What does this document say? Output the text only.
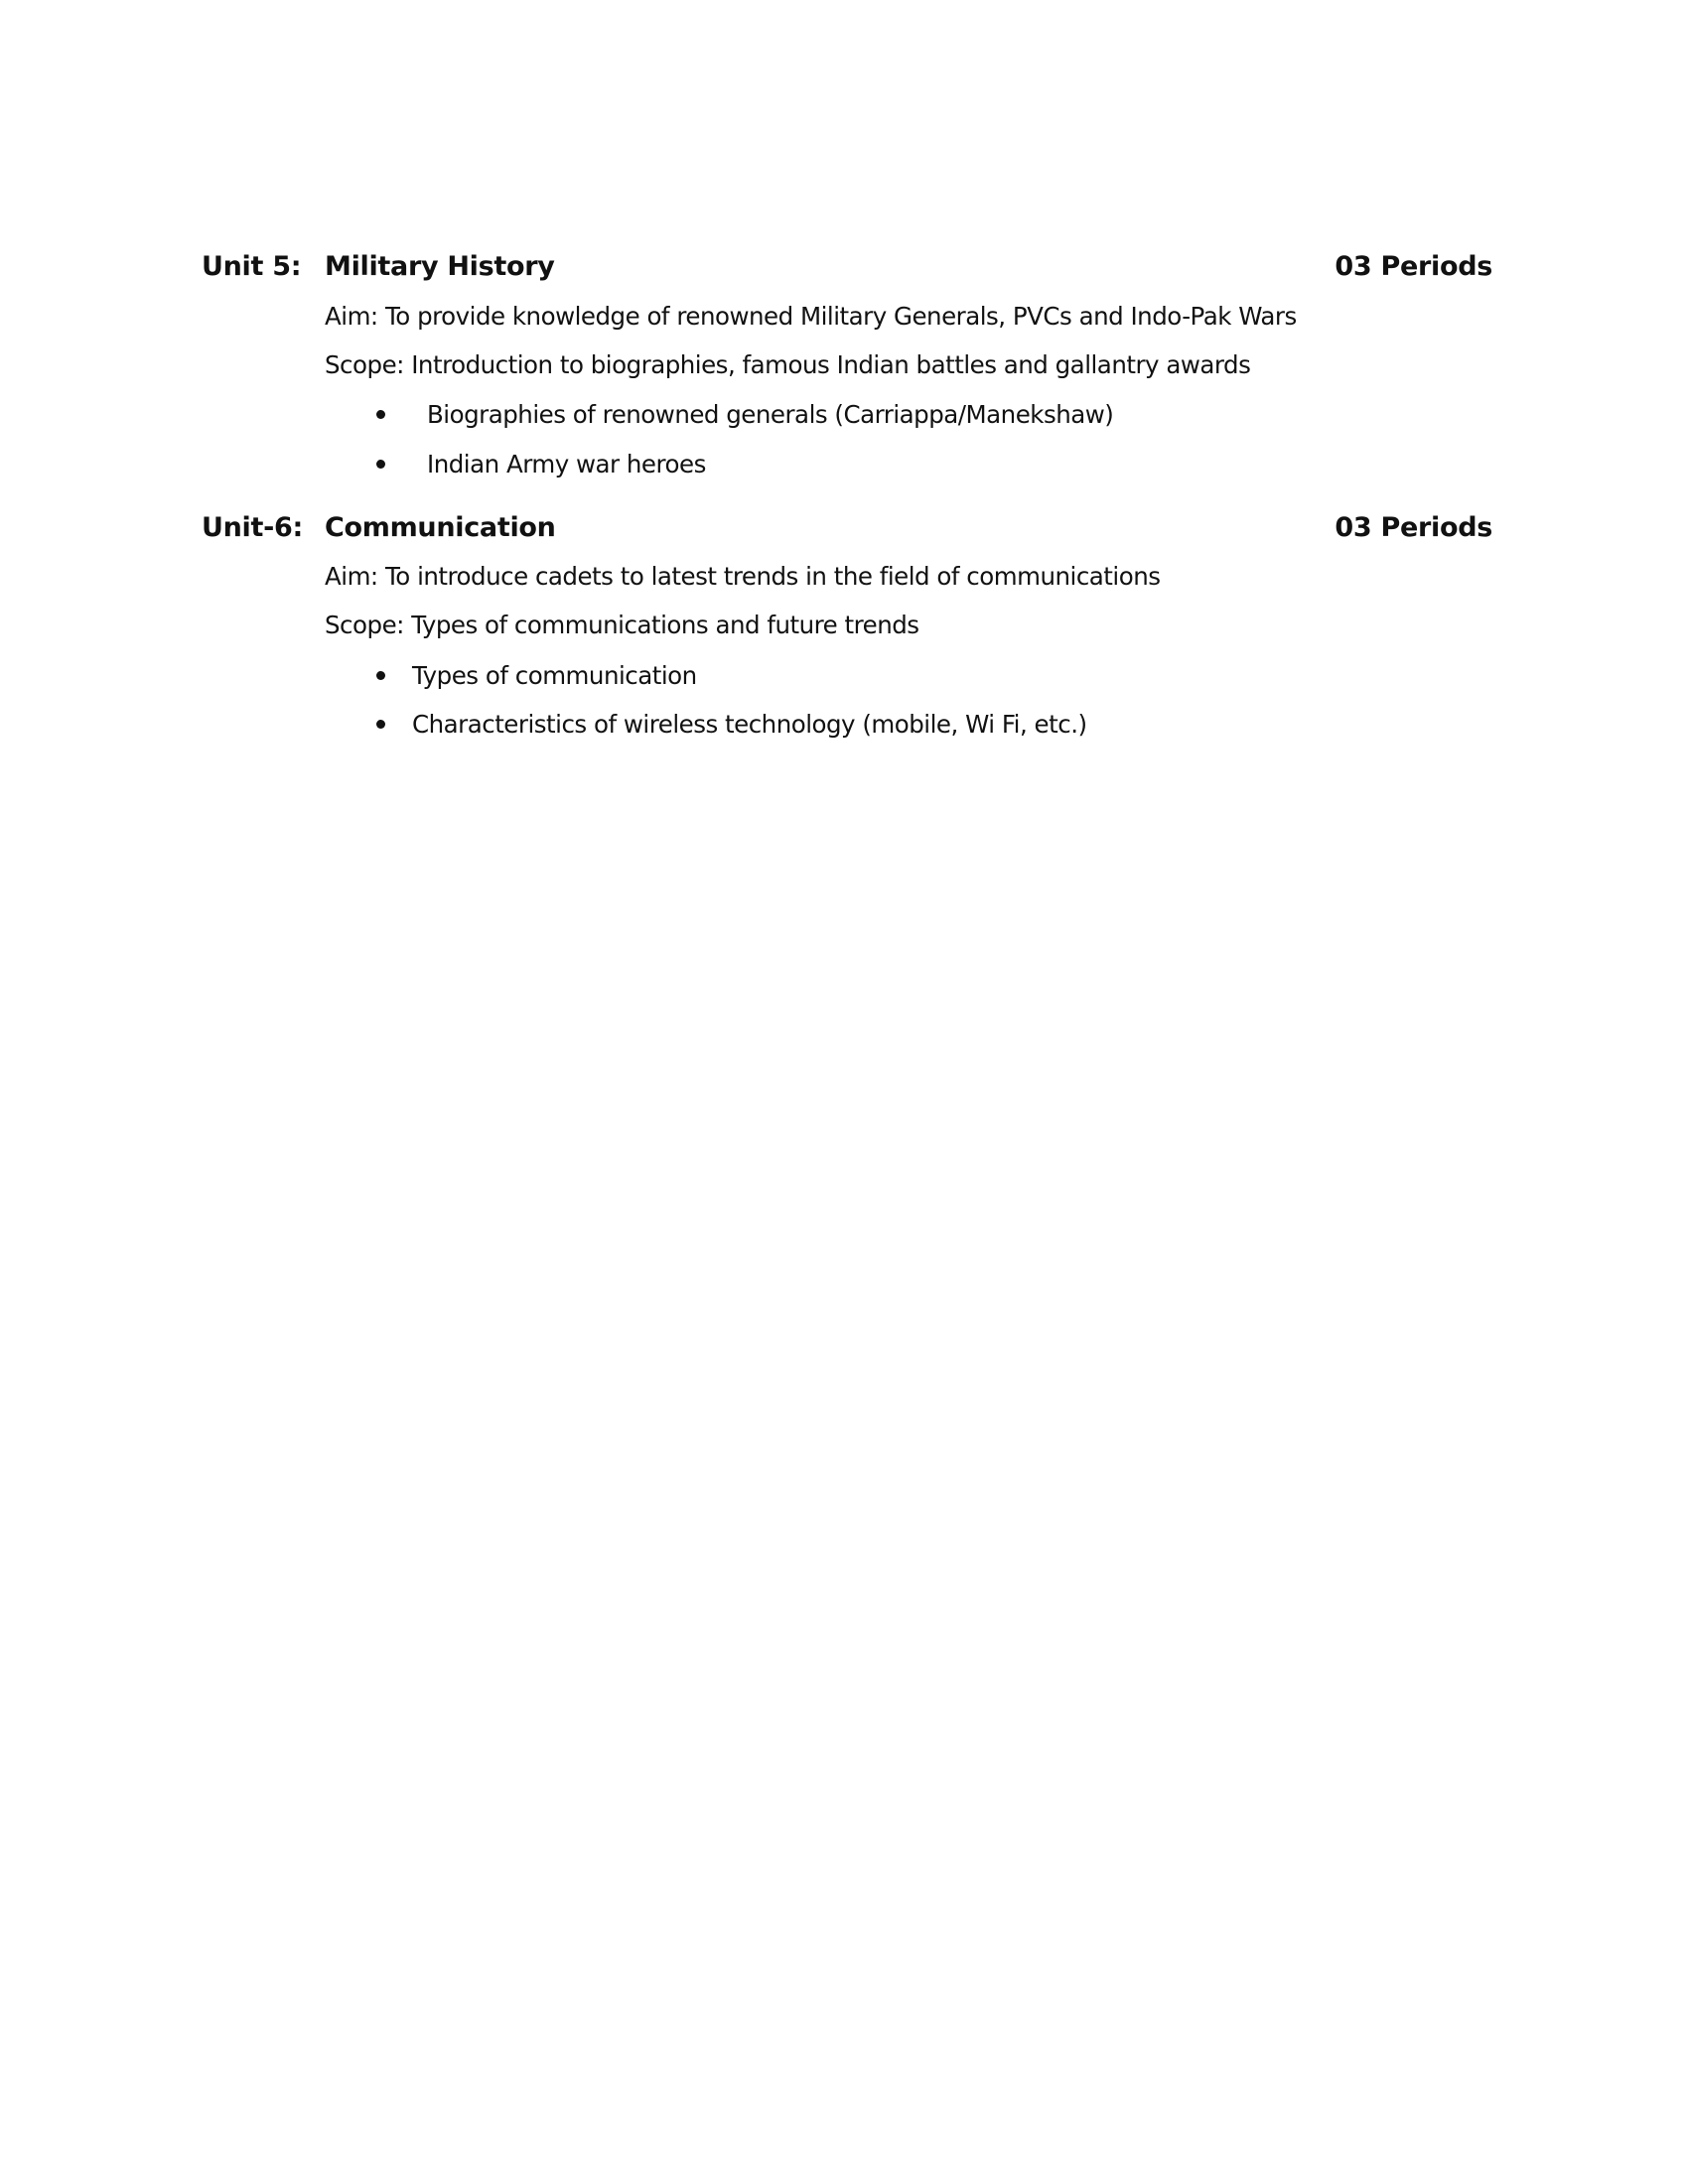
Unit 5: Military History	03 Periods
Aim: To provide knowledge of renowned Military Generals, PVCs and Indo-Pak Wars
Scope: Introduction to biographies, famous Indian battles and gallantry awards
Biographies of renowned generals (Carriappa/Manekshaw)
Indian Army war heroes
Unit-6: Communication	03 Periods
Aim: To introduce cadets to latest trends in the field of communications
Scope: Types of communications and future trends
Types of communication
Characteristics of wireless technology (mobile, Wi Fi, etc.)
